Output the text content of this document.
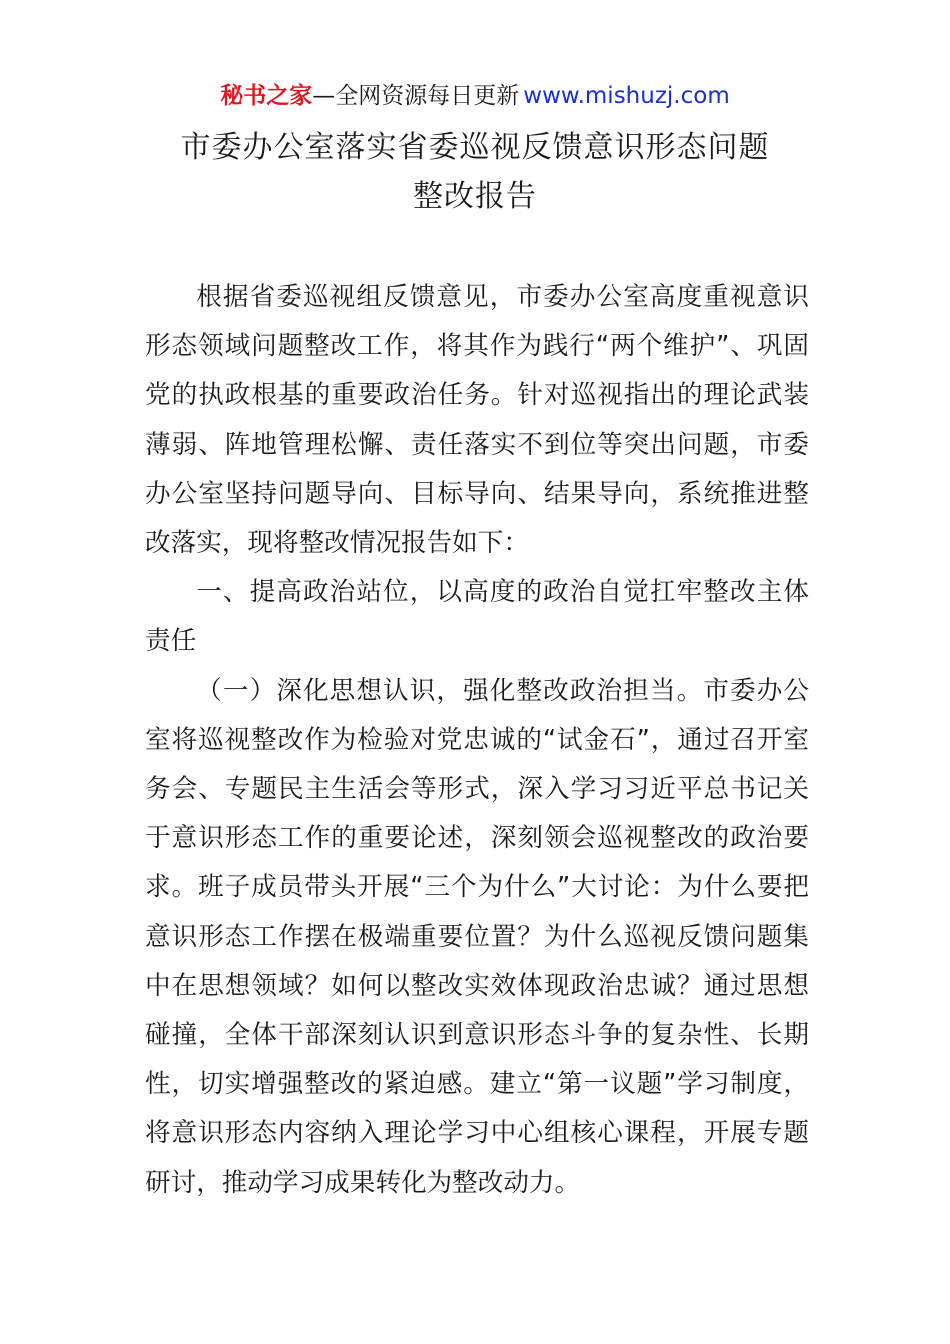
秘书之家—全网资源每日更新 www.mishuzj.com
市委办公室落实省委巡视反馈意识形态问题
整改报告

根据省委巡视组反馈意见，市委办公室高度重视意识形态领域问题整改工作，将其作为践行“两个维护”、巩固党的执政根基的重要政治任务。针对巡视指出的理论武装薄弱、阵地管理松懈、责任落实不到位等突出问题，市委办公室坚持问题导向、目标导向、结果导向，系统推进整改落实，现将整改情况报告如下：

一、提高政治站位，以高度的政治自觉扛牢整改主体责任

（一）深化思想认识，强化整改政治担当。市委办公室将巡视整改作为检验对党忠诚的“试金石”，通过召开室务会、专题民主生活会等形式，深入学习习近平总书记关于意识形态工作的重要论述，深刻领会巡视整改的政治要求。班子成员带头开展“三个为什么”大讨论：为什么要把意识形态工作摆在极端重要位置？为什么巡视反馈问题集中在思想领域？如何以整改实效体现政治忠诚？通过思想碰撞，全体干部深刻认识到意识形态斗争的复杂性、长期性，切实增强整改的紧迫感。建立“第一议题”学习制度，将意识形态内容纳入理论学习中心组核心课程，开展专题研讨，推动学习成果转化为整改动力。
